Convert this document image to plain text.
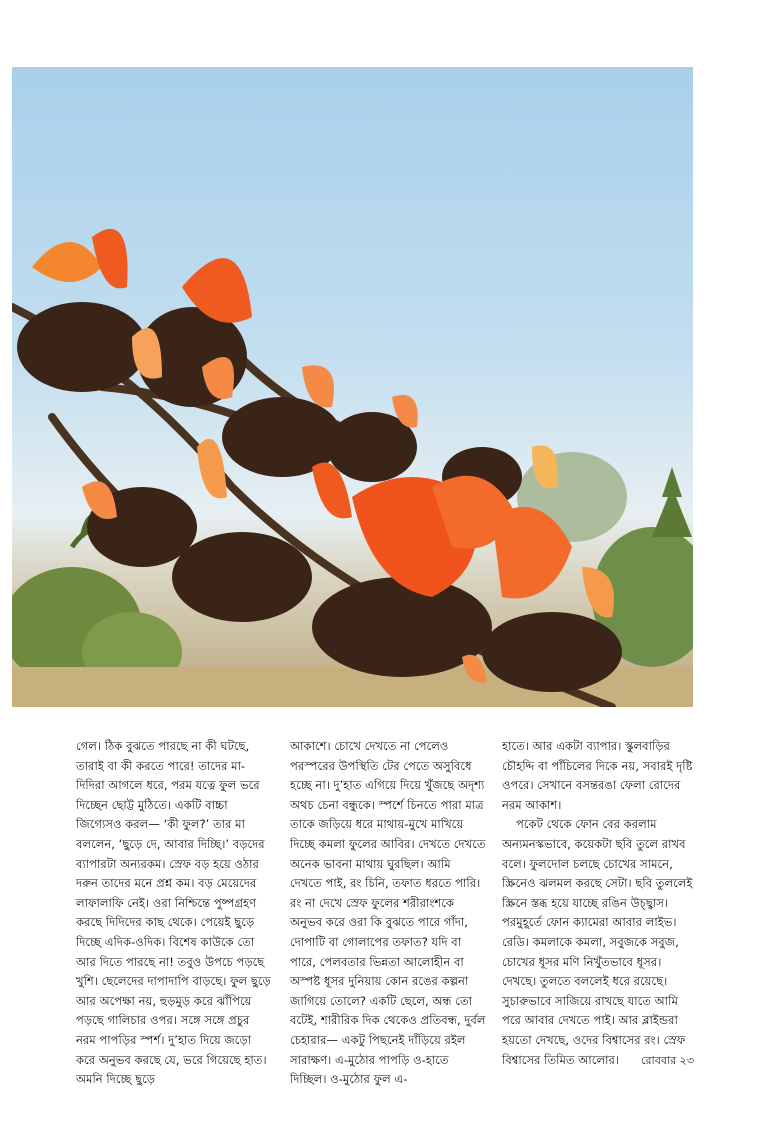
গেল। ঠিক বুঝতে পারছে না কী ঘটছে, তারাই বা কী করতে পারে! তাদের মা-দিদিরা আগলে ধরে, পরম যত্নে ফুল ভরে দিচ্ছেন ছোট্ট মুঠিতে। একটি বাচ্চা জিগ্যেসও করল— ‘কী ফুল?’ তার মা বললেন, ‘ছুড়ে দে, আবার দিচ্ছি।’ বড়দের ব্যাপারটা অন্যরকম। স্রেফ বড় হয়ে ওঠার দরুন তাদের মনে প্রশ্ন কম। বড় মেয়েদের লাফালাফি নেই। ওরা নিশ্চিন্তে পুষ্পগ্রহণ করছে দিদিদের কাছ থেকে। পেয়েই ছুড়ে দিচ্ছে এদিক-ওদিক। বিশেষ কাউকে তো আর দিতে পারছে না! তবুও উপচে পড়ছে খুশি। ছেলেদের দাপাদাপি বাড়ছে। ফুল ছুড়ে আর অপেক্ষা নয়, হুড়মুড় করে ঝাঁপিয়ে পড়ছে গালিচার ওপর। সঙ্গে সঙ্গে প্রচুর নরম পাপড়ির স্পর্শ। দু’হাত দিয়ে জড়ো করে অনুভব করছে যে, ভরে গিয়েছে হাত। অমনি দিচ্ছে ছুড়ে

আকাশে। চোখে দেখতে না পেলেও পরস্পরের উপস্থিতি টের পেতে অসুবিধে হচ্ছে না। দু’হাত এগিয়ে দিয়ে খুঁজছে অদৃশ্য অথচ চেনা বন্ধুকে। স্পর্শে চিনতে পারা মাত্র তাকে জড়িয়ে ধরে মাথায়-মুখে মাখিয়ে দিচ্ছে কমলা ফুলের আবির। দেখতে দেখতে অনেক ভাবনা মাথায় ঘুরছিল। আমি দেখতে পাই, রং চিনি, তফাত ধরতে পারি। রং না দেখে স্রেফ ফুলের শরীরাংশকে অনুভব করে ওরা কি বুঝতে পারে গাঁদা, দোপাটি বা গোলাপের তফাত? যদি বা পারে, পেলবতার ভিন্নতা আলোহীন বা অস্পষ্ট ধূসর দুনিয়ায় কোন রঙের কল্পনা জাগিয়ে তোলে? একটি ছেলে, অন্ধ তো বটেই, শারীরিক দিক থেকেও প্রতিবন্ধ, দুর্বল চেহারার— একটু পিছনেই দাঁড়িয়ে রইল সারাক্ষণ। এ-মুঠোর পাপড়ি ও-হাতে দিচ্ছিল। ও-মুঠোর ফুল এ-

হাতে। আর একটা ব্যাপার। স্কুলবাড়ির চৌহদ্দি বা পাঁচিলের দিকে নয়, সবারই দৃষ্টি ওপরে। সেখানে বসন্তরঙা ফেলা রোদের নরম আকাশ।

পকেট থেকে ফোন বের করলাম অন্যমনস্কভাবে, কয়েকটা ছবি তুলে রাখব বলে। ফুলদোল চলছে চোখের সামনে, স্ক্রিনেও ঝলমল করছে সেটা। ছবি তুললেই স্ক্রিনে স্তব্ধ হয়ে যাচ্ছে রঙিন উচ্ছ্বাস। পরমুহূর্তে ফোন ক্যামেরা আবার লাইভ। রেডি। কমলাকে কমলা, সবুজকে সবুজ, চোখের ধূসর মণি নিখুঁতভাবে ধূসর। দেখছে। তুলতে বললেই ধরে রয়েছে। সুচারুভাবে সাজিয়ে রাখছে যাতে আমি পরে আবার দেখতে পাই। আর ব্লাইন্ডরা হয়তো দেখছে, ওদের বিশ্বাসের রং। স্রেফ বিশ্বাসের তিমিত আলোর।	রোববার ২৩
